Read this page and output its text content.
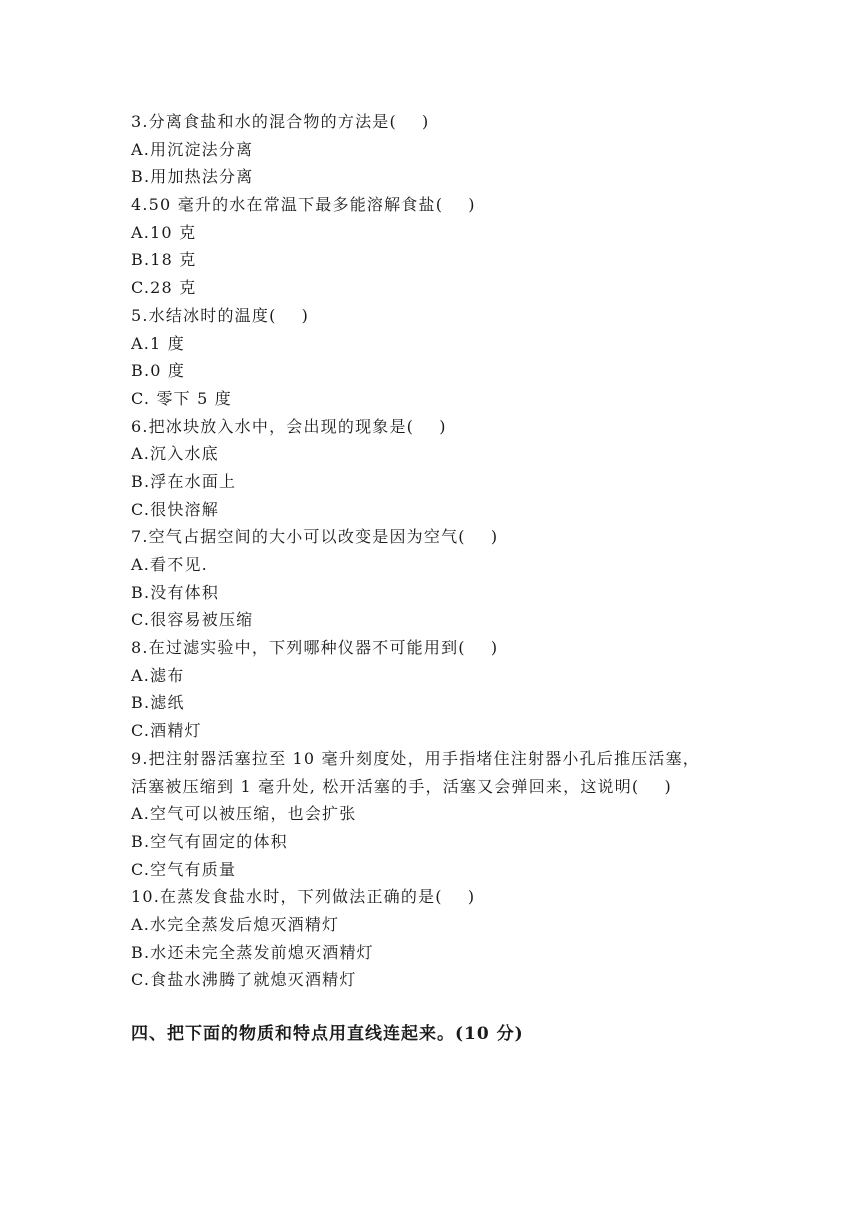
3.分离食盐和水的混合物的方法是(    )
A.用沉淀法分离
B.用加热法分离
4.50 毫升的水在常温下最多能溶解食盐(    )
A.10 克
B.18 克
C.28 克
5.水结冰时的温度(    )
A.1 度
B.0 度
C. 零下 5 度
6.把冰块放入水中，会出现的现象是(    )
A.沉入水底
B.浮在水面上
C.很快溶解
7.空气占据空间的大小可以改变是因为空气(    )
A.看不见.
B.没有体积
C.很容易被压缩
8.在过滤实验中，下列哪种仪器不可能用到(    )
A.滤布
B.滤纸
C.酒精灯
9.把注射器活塞拉至 10 毫升刻度处，用手指堵住注射器小孔后推压活塞，
活塞被压缩到 1 毫升处, 松开活塞的手，活塞又会弹回来，这说明(    )
A.空气可以被压缩，也会扩张
B.空气有固定的体积
C.空气有质量
10.在蒸发食盐水时，下列做法正确的是(    )
A.水完全蒸发后熄灭酒精灯
B.水还未完全蒸发前熄灭酒精灯
C.食盐水沸腾了就熄灭酒精灯
四、把下面的物质和特点用直线连起来。(10 分)
